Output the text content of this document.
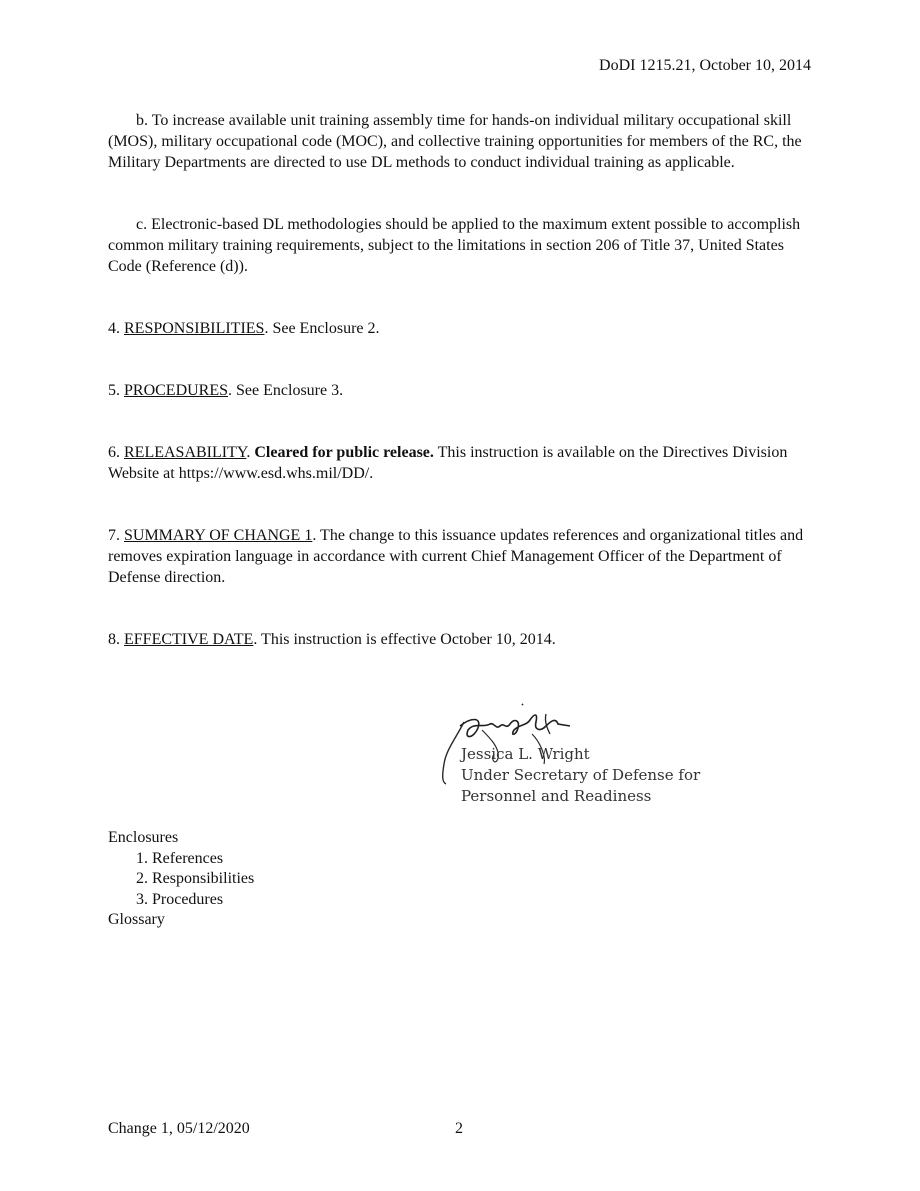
DoDI 1215.21, October 10, 2014

b. To increase available unit training assembly time for hands-on individual military occupational skill (MOS), military occupational code (MOC), and collective training opportunities for members of the RC, the Military Departments are directed to use DL methods to conduct individual training as applicable.

c. Electronic-based DL methodologies should be applied to the maximum extent possible to accomplish common military training requirements, subject to the limitations in section 206 of Title 37, United States Code (Reference (d)).

4. RESPONSIBILITIES. See Enclosure 2.

5. PROCEDURES. See Enclosure 3.

6. RELEASABILITY. Cleared for public release. This instruction is available on the Directives Division Website at https://www.esd.whs.mil/DD/.

7. SUMMARY OF CHANGE 1. The change to this issuance updates references and organizational titles and removes expiration language in accordance with current Chief Management Officer of the Department of Defense direction.

8. EFFECTIVE DATE. This instruction is effective October 10, 2014.

Jessica L. Wright
Under Secretary of Defense for
Personnel and Readiness
Enclosures
1. References
2. Responsibilities
3. Procedures
Glossary
Change 1, 05/12/2020	2
